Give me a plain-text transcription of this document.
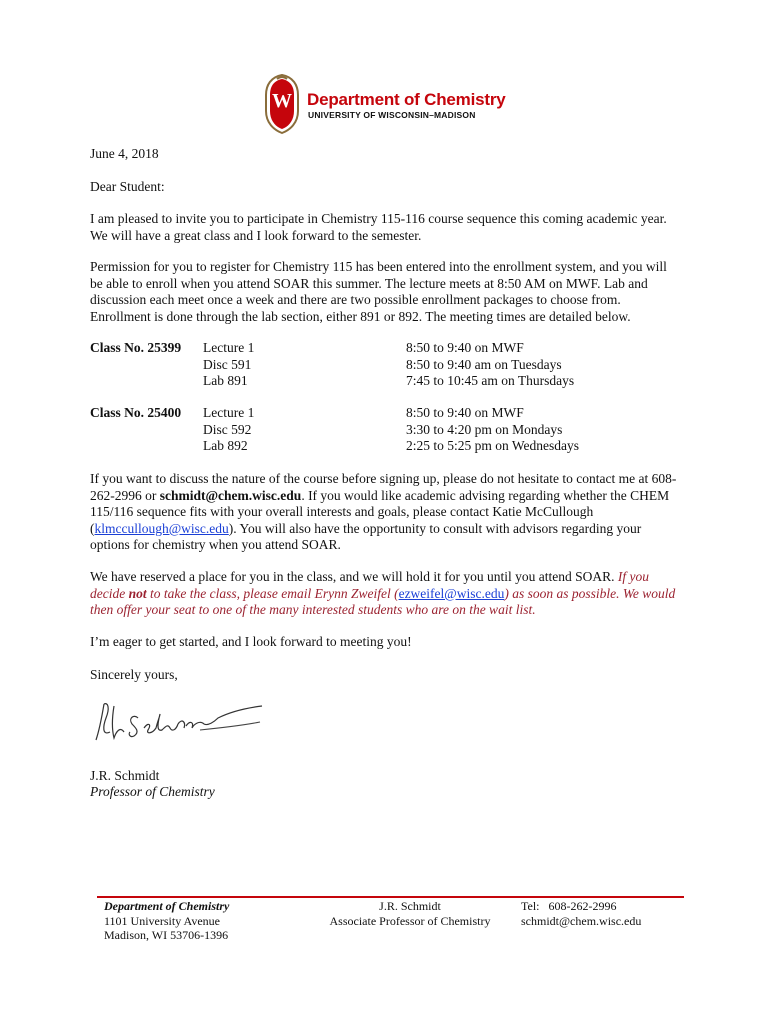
W Department of Chemistry
UNIVERSITY OF WISCONSIN–MADISON
June 4, 2018
Dear Student:
I am pleased to invite you to participate in Chemistry 115-116 course sequence this coming academic year. We will have a great class and I look forward to the semester.
Permission for you to register for Chemistry 115 has been entered into the enrollment system, and you will be able to enroll when you attend SOAR this summer. The lecture meets at 8:50 AM on MWF. Lab and discussion each meet once a week and there are two possible enrollment packages to choose from. Enrollment is done through the lab section, either 891 or 892. The meeting times are detailed below.
Class No. 25399 Lecture 1
Disc 591
Lab 891
8:50 to 9:40 on MWF
8:50 to 9:40 am on Tuesdays
7:45 to 10:45 am on Thursdays
Class No. 25400 Lecture 1
Disc 592
Lab 892
8:50 to 9:40 on MWF
3:30 to 4:20 pm on Mondays
2:25 to 5:25 pm on Wednesdays
If you want to discuss the nature of the course before signing up, please do not hesitate to contact me at 608-262-2996 or schmidt@chem.wisc.edu. If you would like academic advising regarding whether the CHEM 115/116 sequence fits with your overall interests and goals, please contact Katie McCullough (klmccullough@wisc.edu). You will also have the opportunity to consult with advisors regarding your options for chemistry when you attend SOAR.
We have reserved a place for you in the class, and we will hold it for you until you attend SOAR. If you decide not to take the class, please email Erynn Zweifel (ezweifel@wisc.edu) as soon as possible. We would then offer your seat to one of the many interested students who are on the wait list.
I’m eager to get started, and I look forward to meeting you!
Sincerely yours,
J.R. Schmidt
Professor of Chemistry
Department of Chemistry
1101 University Avenue
Madison, WI 53706-1396
J.R. Schmidt
Associate Professor of Chemistry
Tel:   608-262-2996
schmidt@chem.wisc.edu
